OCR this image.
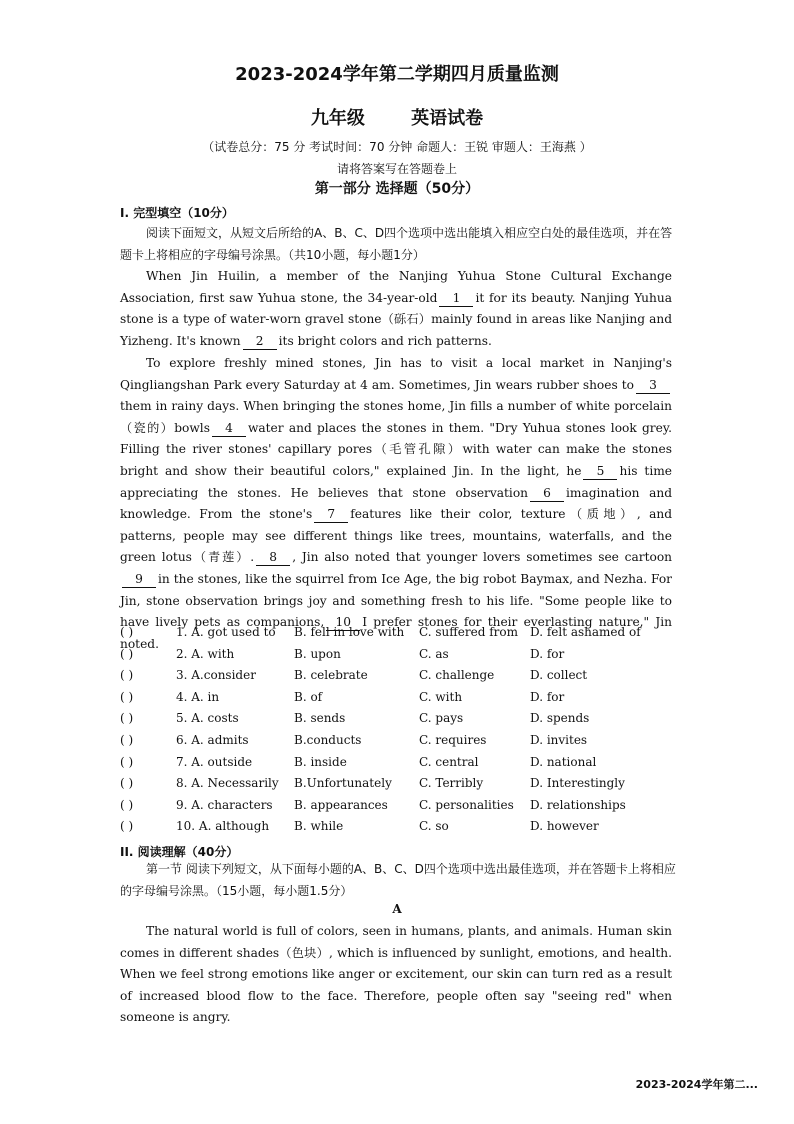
2023-2024学年第二学期四月质量监测
九年级	英语试卷
（试卷总分：75 分 考试时间：70 分钟 命题人：王锐 审题人：王海燕 ）
请将答案写在答题卷上
第一部分 选择题（50分）
I. 完型填空（10分）
阅读下面短文，从短文后所给的A、B、C、D四个选项中选出能填入相应空白处的最佳选项，并在答题卡上将相应的字母编号涂黑。（共10小题，每小题1分）
When Jin Huilin, a member of the Nanjing Yuhua Stone Cultural Exchange Association, first saw Yuhua stone, the 34-year-old 1 it for its beauty. Nanjing Yuhua stone is a type of water-worn gravel stone（砾石）mainly found in areas like Nanjing and Yizheng. It's known 2 its bright colors and rich patterns.
To explore freshly mined stones, Jin has to visit a local market in Nanjing's Qingliangshan Park every Saturday at 4 am. Sometimes, Jin wears rubber shoes to 3them in rainy days. When bringing the stones home, Jin fills a number of white porcelain（瓷的）bowls 4 water and places the stones in them. "Dry Yuhua stones look grey. Filling the river stones' capillary pores（毛管孔隙）with water can make the stones bright and show their beautiful colors," explained Jin. In the light, he 5 his time appreciating the stones. He believes that stone observation 6 imagination and knowledge. From the stone's 7 features like their color, texture（质地）, and patterns, people may see different things like trees, mountains, waterfalls, and the green lotus（青莲）. 8 , Jin also noted that younger lovers sometimes see cartoon9 in the stones, like the squirrel from Ice Age, the big robot Baymax, and Nezha. For Jin, stone observation brings joy and something fresh to his life. "Some people like to have lively pets as companions, 10 I prefer stones for their everlasting nature," Jin noted.
( )	1. A. got used to B. fell in love with C. suffered from D. felt ashamed of
( )	2. A. with	B. upon	C. as	D. for
( )	3. A.consider	B. celebrate	C. challenge	D. collect
( )	4. A. in	B. of	C. with	D. for
( )	5. A. costs	B. sends	C. pays	D. spends
( )	6. A. admits	B.conducts	C. requires	D. invites
( )	7. A. outside	B. inside	C. central	D. national
( )	8. A. Necessarily B.Unfortunately C. Terribly	D. Interestingly
( )	9. A. characters B. appearances	C. personalities D. relationships
( )	10. A. although B. while	C. so	D. however
II. 阅读理解（40分）
第一节 阅读下列短文，从下面每小题的A、B、C、D四个选项中选出最佳选项，并在答题卡上将相应的字母编号涂黑。（15小题，每小题1.5分）
A
The natural world is full of colors, seen in humans, plants, and animals. Human skin comes in different shades（色块）, which is influenced by sunlight, emotions, and health. When we feel strong emotions like anger or excitement, our skin can turn red as a result of increased blood flow to the face. Therefore, people often say "seeing red" when someone is angry.
2023-2024学年第二...
